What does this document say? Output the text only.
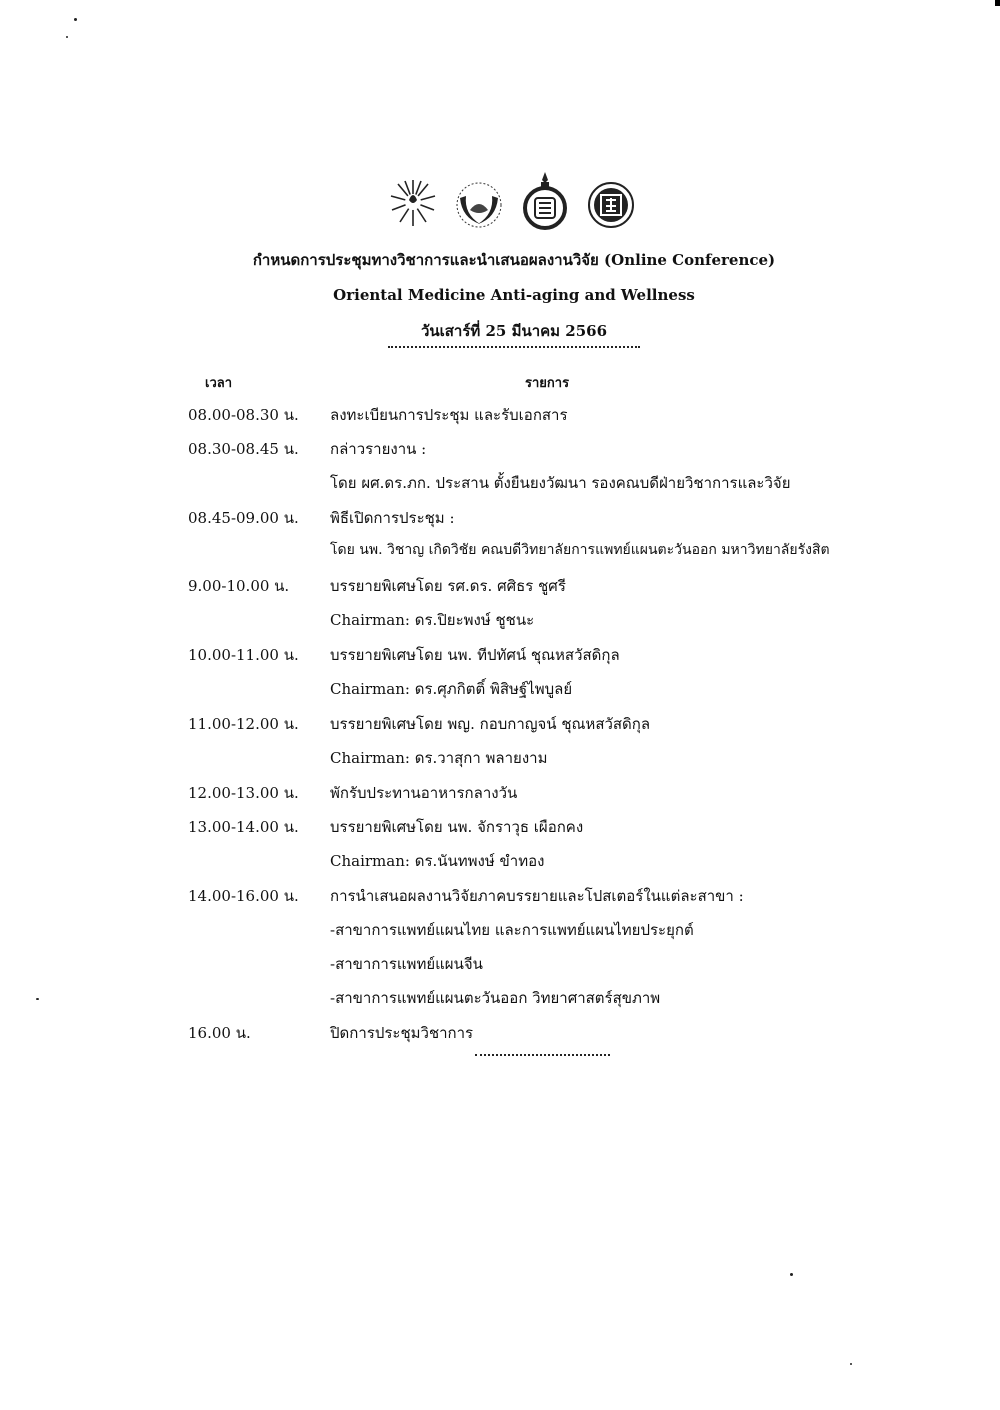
กำหนดการประชุมทางวิชาการและนำเสนอผลงานวิจัย (Online Conference)
Oriental Medicine Anti-aging and Wellness
วันเสาร์ที่ 25 มีนาคม 2566
เวลา	รายการ
08.00-08.30 น. ลงทะเบียนการประชุม และรับเอกสาร
08.30-08.45 น. กล่าวรายงาน :
โดย ผศ.ดร.ภก. ประสาน ตั้งยืนยงวัฒนา รองคณบดีฝ่ายวิชาการและวิจัย
08.45-09.00 น. พิธีเปิดการประชุม :
โดย นพ. วิชาญ เกิดวิชัย คณบดีวิทยาลัยการแพทย์แผนตะวันออก มหาวิทยาลัยรังสิต
9.00-10.00 น.	บรรยายพิเศษโดย รศ.ดร. ศศิธร ชูศรี
Chairman: ดร.ปิยะพงษ์ ชูชนะ
10.00-11.00 น. บรรยายพิเศษโดย นพ. ทีปทัศน์ ชุณหสวัสดิกุล
Chairman: ดร.ศุภกิตติ์ พิสิษฐ์ไพบูลย์
11.00-12.00 น. บรรยายพิเศษโดย พญ. กอบกาญจน์ ชุณหสวัสดิกุล
Chairman: ดร.วาสุกา พลายงาม
12.00-13.00 น. พักรับประทานอาหารกลางวัน
13.00-14.00 น. บรรยายพิเศษโดย นพ. จักราวุธ เผือกคง
Chairman: ดร.นันทพงษ์ ขำทอง
14.00-16.00 น. การนำเสนอผลงานวิจัยภาคบรรยายและโปสเตอร์ในแต่ละสาขา :
-สาขาการแพทย์แผนไทย และการแพทย์แผนไทยประยุกต์
-สาขาการแพทย์แผนจีน
-สาขาการแพทย์แผนตะวันออก วิทยาศาสตร์สุขภาพ
16.00 น.	ปิดการประชุมวิชาการ
